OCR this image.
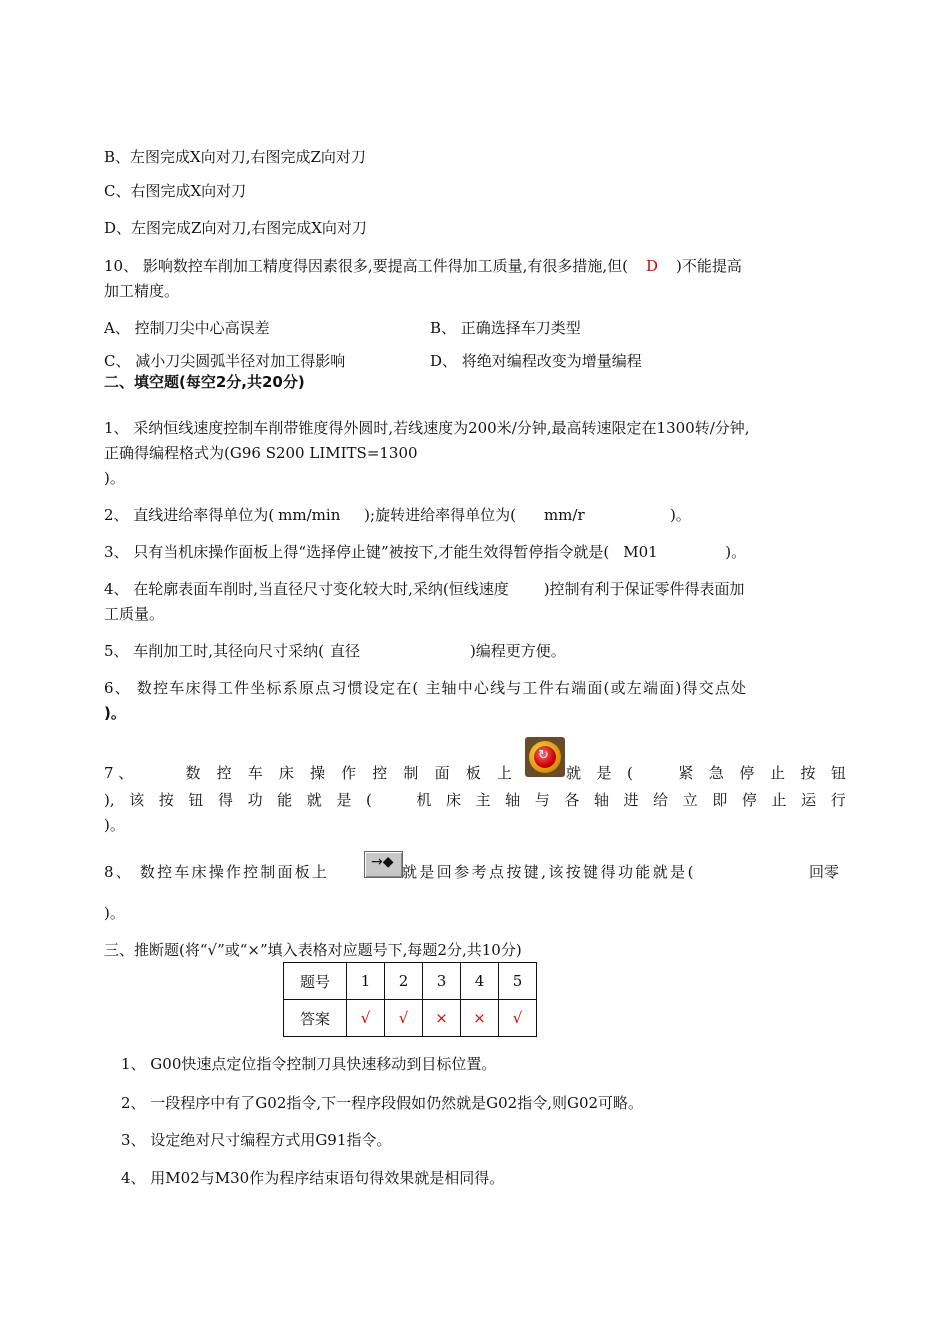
B、左图完成X向对刀,右图完成Z向对刀
C、右图完成X向对刀
D、左图完成Z向对刀,右图完成X向对刀
10、 影响数控车削加工精度得因素很多,要提高工件得加工质量,有很多措施,但( D )不能提高
加工精度。
A、 控制刀尖中心高误差	B、 正确选择车刀类型
C、 减小刀尖圆弧半径对加工得影响	D、 将绝对编程改变为增量编程
二、填空题(每空2分,共20分)
1、 采纳恒线速度控制车削带锥度得外圆时,若线速度为200米/分钟,最高转速限定在1300转/分钟,
正确得编程格式为(G96 S200 LIMITS=1300
)。
2、 直线进给率得单位为( mm/min );旋转进给率得单位为( mm/r	)。
3、 只有当机床操作面板上得“选择停止键”被按下,才能生效得暂停指令就是( M01	)。
4、 在轮廓表面车削时,当直径尺寸变化较大时,采纳(恒线速度 )控制有利于保证零件得表面加
工质量。
5、 车削加工时,其径向尺寸采纳( 直径	)编程更方便。
6、 数控车床得工件坐标系原点习惯设定在( 主轴中心线与工件右端面(或左端面)得交点处
)。
7 、	数 控 车 床 操 作 控 制 面 板 上
↻
就 是 (	紧 急 停 止 按 钮
), 该 按 钮 得 功 能 就 是 (	机 床 主 轴 与 各 轴 进 给 立 即 停 止 运 行
)。
8、 数控车床操作控制面板上
→◆
就是回参考点按键,该按键得功能就是(	回零
)。
三、推断题(将“√”或“×”填入表格对应题号下,每题2分,共10分)
题号	1	2	3	4	5
答案	√	√	×	×	√
1、 G00快速点定位指令控制刀具快速移动到目标位置。
2、 一段程序中有了G02指令,下一程序段假如仍然就是G02指令,则G02可略。
3、 设定绝对尺寸编程方式用G91指令。
4、 用M02与M30作为程序结束语句得效果就是相同得。
